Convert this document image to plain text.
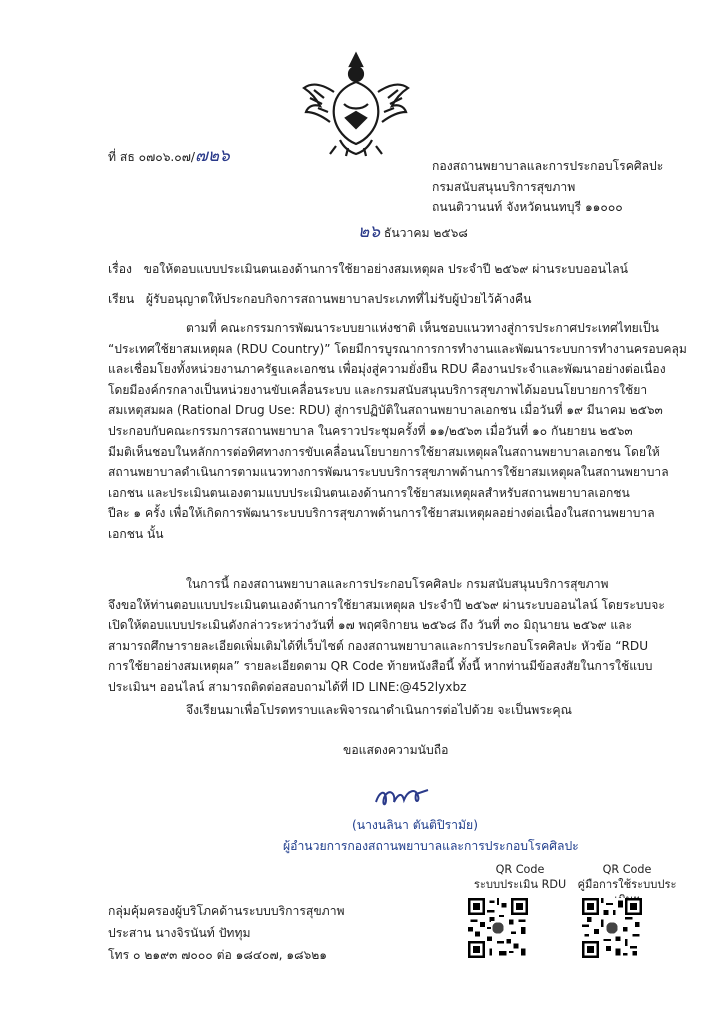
ที่ สธ ๐๗๐๖.๐๗/๗๒๖	กองสถานพยาบาลและการประกอบโรคศิลปะ
กรมสนับสนุนบริการสุขภาพ
ถนนติวานนท์ จังหวัดนนทบุรี ๑๑๐๐๐
๒๖ ธันวาคม ๒๕๖๘
เรื่อง ขอให้ตอบแบบประเมินตนเองด้านการใช้ยาอย่างสมเหตุผล ประจำปี ๒๕๖๙ ผ่านระบบออนไลน์
เรียน ผู้รับอนุญาตให้ประกอบกิจการสถานพยาบาลประเภทที่ไม่รับผู้ป่วยไว้ค้างคืน
ตามที่ คณะกรรมการพัฒนาระบบยาแห่งชาติ เห็นชอบแนวทางสู่การประกาศประเทศไทยเป็น
“ประเทศใช้ยาสมเหตุผล (RDU Country)” โดยมีการบูรณาการการทำงานและพัฒนาระบบการทำงานครอบคลุม
และเชื่อมโยงทั้งหน่วยงานภาครัฐและเอกชน เพื่อมุ่งสู่ความยั่งยืน RDU คืองานประจำและพัฒนาอย่างต่อเนื่อง
โดยมีองค์กรกลางเป็นหน่วยงานขับเคลื่อนระบบ และกรมสนับสนุนบริการสุขภาพได้มอบนโยบายการใช้ยา
สมเหตุสมผล (Rational Drug Use: RDU) สู่การปฏิบัติในสถานพยาบาลเอกชน เมื่อวันที่ ๑๙ มีนาคม ๒๕๖๓
ประกอบกับคณะกรรมการสถานพยาบาล ในคราวประชุมครั้งที่ ๑๑/๒๕๖๓ เมื่อวันที่ ๑๐ กันยายน ๒๕๖๓
มีมติเห็นชอบในหลักการต่อทิศทางการขับเคลื่อนนโยบายการใช้ยาสมเหตุผลในสถานพยาบาลเอกชน โดยให้
สถานพยาบาลดำเนินการตามแนวทางการพัฒนาระบบบริการสุขภาพด้านการใช้ยาสมเหตุผลในสถานพยาบาล
เอกชน และประเมินตนเองตามแบบประเมินตนเองด้านการใช้ยาสมเหตุผลสำหรับสถานพยาบาลเอกชน
ปีละ ๑ ครั้ง เพื่อให้เกิดการพัฒนาระบบบริการสุขภาพด้านการใช้ยาสมเหตุผลอย่างต่อเนื่องในสถานพยาบาล
เอกชน นั้น
ในการนี้ กองสถานพยาบาลและการประกอบโรคศิลปะ กรมสนับสนุนบริการสุขภาพ
จึงขอให้ท่านตอบแบบประเมินตนเองด้านการใช้ยาสมเหตุผล ประจำปี ๒๕๖๙ ผ่านระบบออนไลน์ โดยระบบจะ
เปิดให้ตอบแบบประเมินดังกล่าวระหว่างวันที่ ๑๗ พฤศจิกายน ๒๕๖๘ ถึง วันที่ ๓๐ มิถุนายน ๒๕๖๙ และ
สามารถศึกษารายละเอียดเพิ่มเติมได้ที่เว็บไซต์ กองสถานพยาบาลและการประกอบโรคศิลปะ หัวข้อ “RDU
การใช้ยาอย่างสมเหตุผล” รายละเอียดตาม QR Code ท้ายหนังสือนี้ ทั้งนี้ หากท่านมีข้อสงสัยในการใช้แบบ
ประเมินฯ ออนไลน์ สามารถติดต่อสอบถามได้ที่ ID LINE:@452lyxbz
จึงเรียนมาเพื่อโปรดทราบและพิจารณาดำเนินการต่อไปด้วย จะเป็นพระคุณ
ขอแสดงความนับถือ
(นางนลินา ตันติปิรามัย)
ผู้อำนวยการกองสถานพยาบาลและการประกอบโรคศิลปะ
QR Code
ระบบประเมิน RDU
QR Code
คู่มือการใช้ระบบประ
กลุ่มคุ้มครองผู้บริโภคด้านระบบบริการสุขภาพ
ประสาน นางจิรนันท์ ปัททุม
โทร ๐ ๒๑๙๓ ๗๐๐๐ ต่อ ๑๘๔๐๗, ๑๘๖๒๑
